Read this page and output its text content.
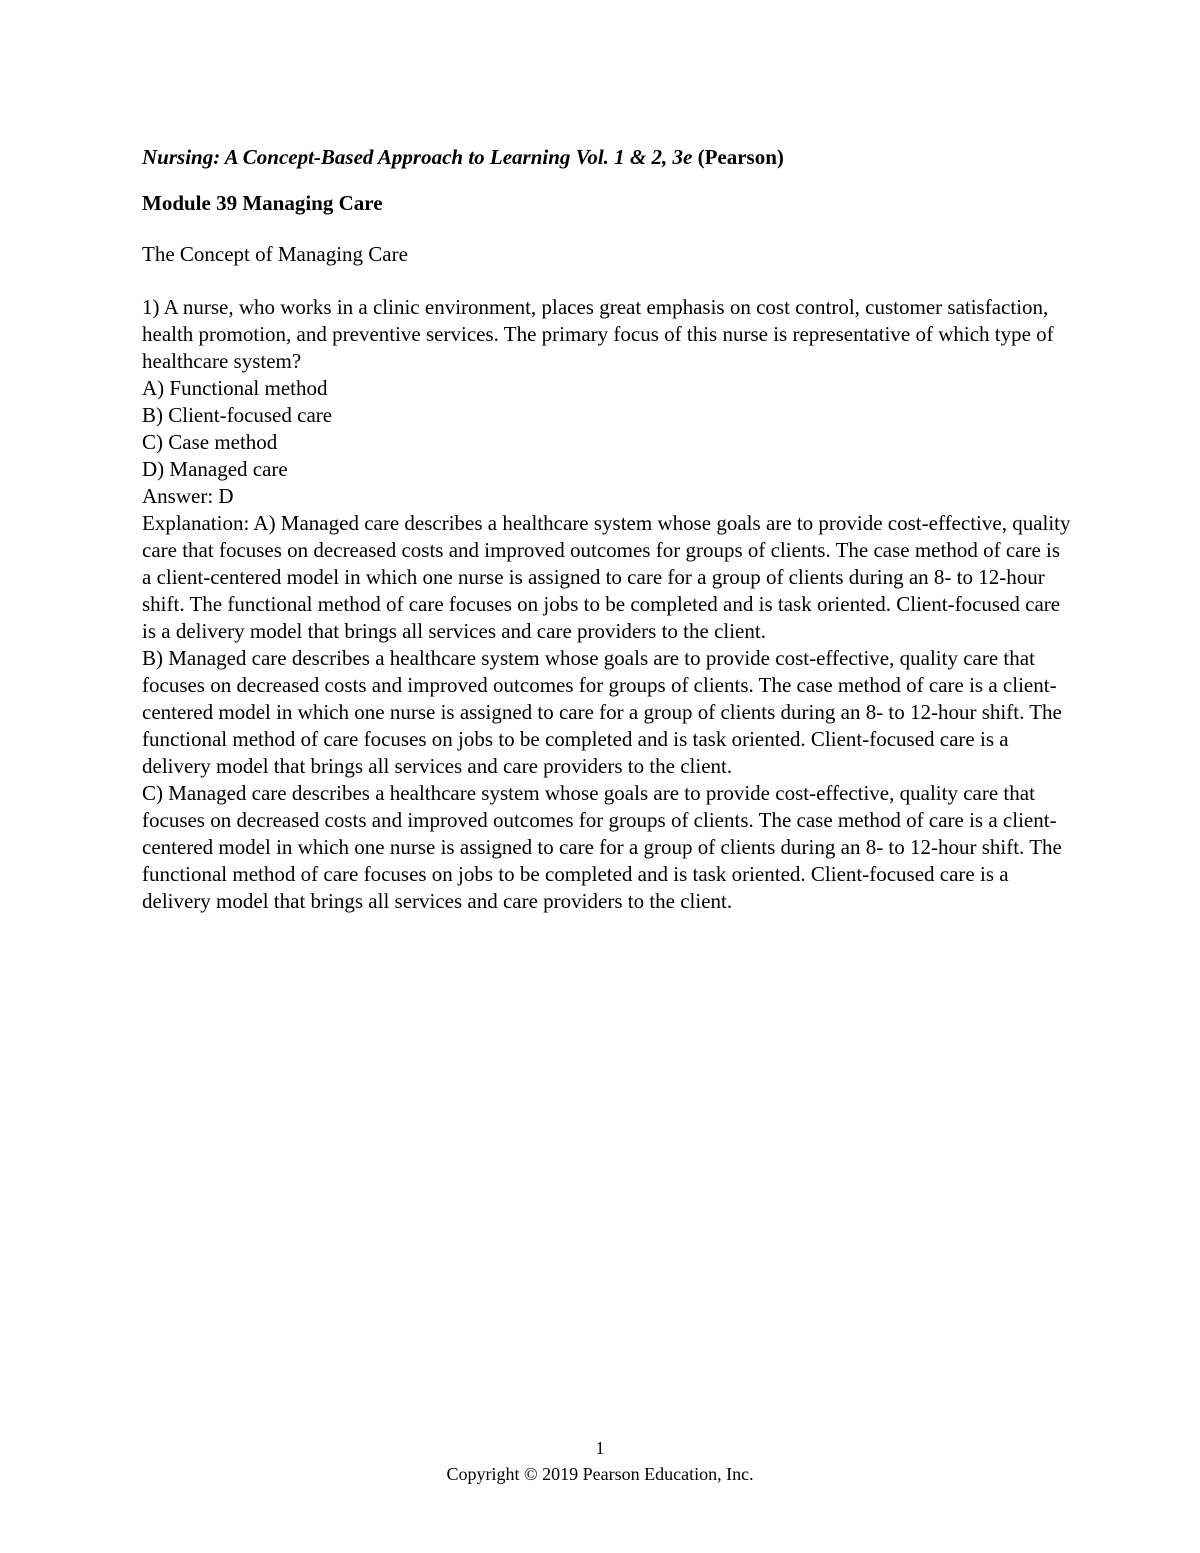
Nursing: A Concept-Based Approach to Learning Vol. 1 & 2, 3e (Pearson)

Module 39 Managing Care

The Concept of Managing Care

1) A nurse, who works in a clinic environment, places great emphasis on cost control, customer satisfaction, health promotion, and preventive services. The primary focus of this nurse is representative of which type of healthcare system?
A) Functional method
B) Client-focused care
C) Case method
D) Managed care
Answer: D
Explanation: A) Managed care describes a healthcare system whose goals are to provide cost-effective, quality care that focuses on decreased costs and improved outcomes for groups of clients. The case method of care is a client-centered model in which one nurse is assigned to care for a group of clients during an 8- to 12-hour shift. The functional method of care focuses on jobs to be completed and is task oriented. Client-focused care is a delivery model that brings all services and care providers to the client.
B) Managed care describes a healthcare system whose goals are to provide cost-effective, quality care that focuses on decreased costs and improved outcomes for groups of clients. The case method of care is a client-centered model in which one nurse is assigned to care for a group of clients during an 8- to 12-hour shift. The functional method of care focuses on jobs to be completed and is task oriented. Client-focused care is a delivery model that brings all services and care providers to the client.
C) Managed care describes a healthcare system whose goals are to provide cost-effective, quality care that focuses on decreased costs and improved outcomes for groups of clients. The case method of care is a client-centered model in which one nurse is assigned to care for a group of clients during an 8- to 12-hour shift. The functional method of care focuses on jobs to be completed and is task oriented. Client-focused care is a delivery model that brings all services and care providers to the client.
1
Copyright © 2019 Pearson Education, Inc.
